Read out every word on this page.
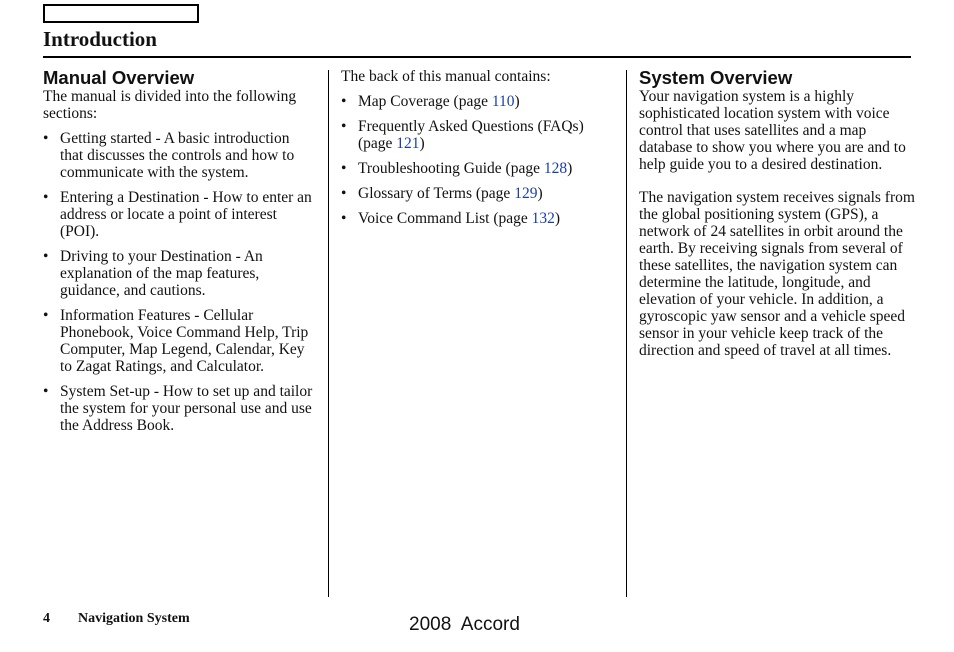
Introduction
Manual Overview

The manual is divided into the following sections:

• Getting started - A basic introduction that discusses the controls and how to communicate with the system.
• Entering a Destination - How to enter an address or locate a point of interest (POI).
• Driving to your Destination - An explanation of the map features, guidance, and cautions.
• Information Features - Cellular Phonebook, Voice Command Help, Trip Computer, Map Legend, Calendar, Key to Zagat Ratings, and Calculator.
• System Set-up - How to set up and tailor the system for your personal use and use the Address Book.

The back of this manual contains:

• Map Coverage (page 110)
• Frequently Asked Questions (FAQs) (page 121)
• Troubleshooting Guide (page 128)
• Glossary of Terms (page 129)
• Voice Command List (page 132)
System Overview

Your navigation system is a highly sophisticated location system with voice control that uses satellites and a map database to show you where you are and to help guide you to a desired destination.

The navigation system receives signals from the global positioning system (GPS), a network of 24 satellites in orbit around the earth. By receiving signals from several of these satellites, the navigation system can determine the latitude, longitude, and elevation of your vehicle. In addition, a gyroscopic yaw sensor and a vehicle speed sensor in your vehicle keep track of the direction and speed of travel at all times.

4 Navigation System	2008  Accord
